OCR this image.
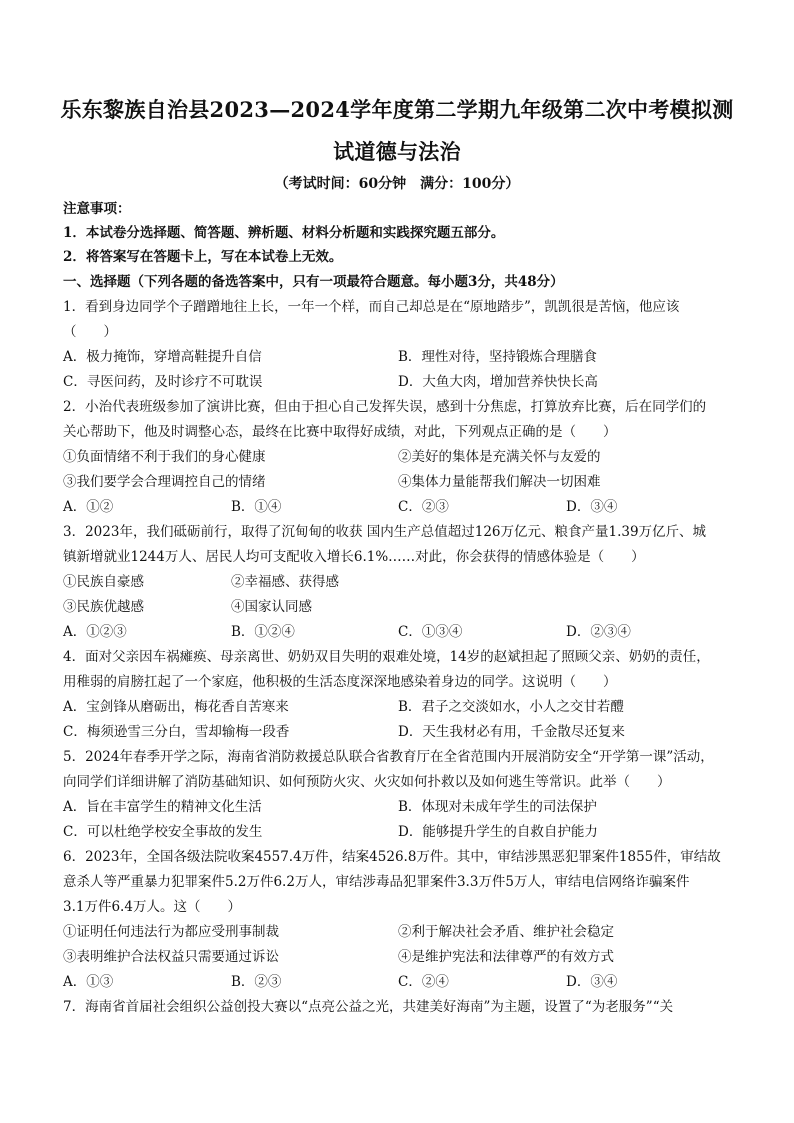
乐东黎族自治县2023—2024学年度第二学期九年级第二次中考模拟测
试道德与法治
（考试时间：60分钟　满分：100分）
注意事项：
1．本试卷分选择题、简答题、辨析题、材料分析题和实践探究题五部分。
2．将答案写在答题卡上，写在本试卷上无效。
一、选择题（下列各题的备选答案中，只有一项最符合题意。每小题3分，共48分）
1．看到身边同学个子蹭蹭地往上长，一年一个样，而自己却总是在“原地踏步”，凯凯很是苦恼，他应该
（　　）
A．极力掩饰，穿增高鞋提升自信	B．理性对待，坚持锻炼合理膳食
C．寻医问药，及时诊疗不可耽误	D．大鱼大肉，增加营养快快长高
2．小治代表班级参加了演讲比赛，但由于担心自己发挥失误，感到十分焦虑，打算放弃比赛，后在同学们的
关心帮助下，他及时调整心态，最终在比赛中取得好成绩，对此，下列观点正确的是（　　）
①负面情绪不利于我们的身心健康	②美好的集体是充满关怀与友爱的
③我们要学会合理调控自己的情绪	④集体力量能帮我们解决一切困难
A．①②	B．①④	C．②③	D．③④
3．2023年，我们砥砺前行，取得了沉甸甸的收获 国内生产总值超过126万亿元、粮食产量1.39万亿斤、城
镇新增就业1244万人、居民人均可支配收入增长6.1%……对此，你会获得的情感体验是（　　）
①民族自豪感	②幸福感、获得感
③民族优越感	④国家认同感
A．①②③	B．①②④	C．①③④	D．②③④
4．面对父亲因车祸瘫痪、母亲离世、奶奶双目失明的艰难处境，14岁的赵斌担起了照顾父亲、奶奶的责任，
用稚弱的肩膀扛起了一个家庭，他积极的生活态度深深地感染着身边的同学。这说明（　　）
A．宝剑锋从磨砺出，梅花香自苦寒来	B．君子之交淡如水，小人之交甘若醴
C．梅须逊雪三分白，雪却输梅一段香	D．天生我材必有用，千金散尽还复来
5．2024年春季开学之际，海南省消防救援总队联合省教育厅在全省范围内开展消防安全“开学第一课”活动，
向同学们详细讲解了消防基础知识、如何预防火灾、火灾如何扑救以及如何逃生等常识。此举（　　）
A．旨在丰富学生的精神文化生活	B．体现对未成年学生的司法保护
C．可以杜绝学校安全事故的发生	D．能够提升学生的自救自护能力
6．2023年，全国各级法院收案4557.4万件，结案4526.8万件。其中，审结涉黑恶犯罪案件1855件，审结故
意杀人等严重暴力犯罪案件5.2万件6.2万人，审结涉毒品犯罪案件3.3万件5万人，审结电信网络诈骗案件
3.1万件6.4万人。这（　　）
①证明任何违法行为都应受刑事制裁	②利于解决社会矛盾、维护社会稳定
③表明维护合法权益只需要通过诉讼	④是维护宪法和法律尊严的有效方式
A．①③	B．②③	C．②④	D．③④
7．海南省首届社会组织公益创投大赛以“点亮公益之光，共建美好海南”为主题，设置了“为老服务”“关
